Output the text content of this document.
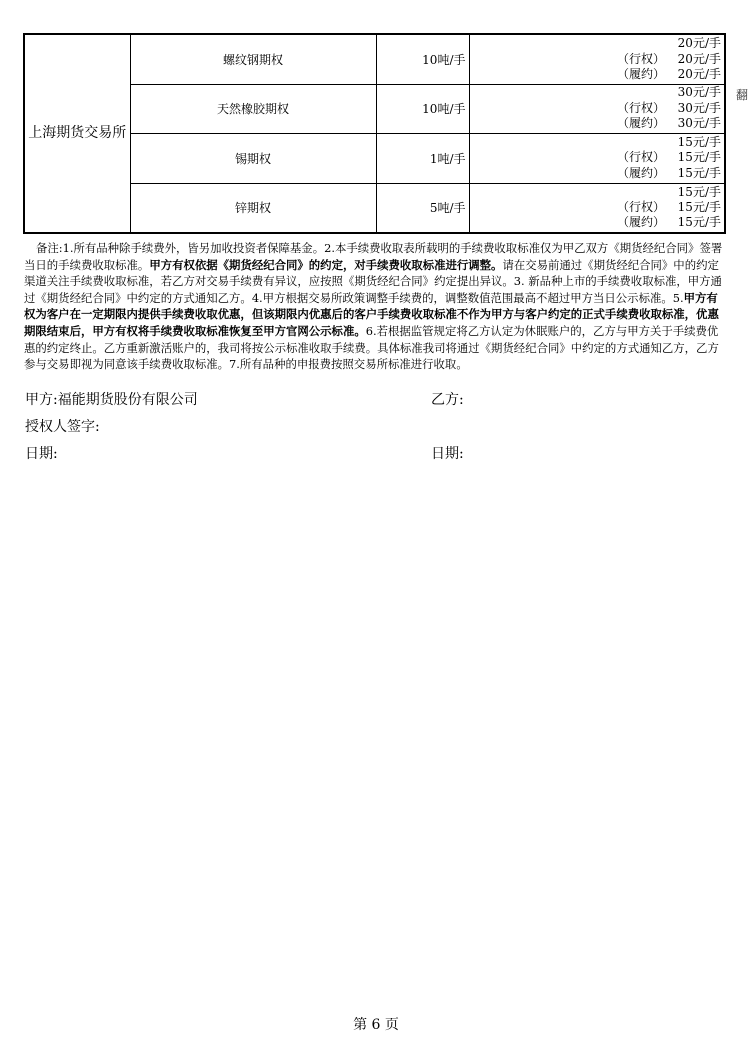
上海期货交易所	螺纹钢期权	10吨/手	20元/手
（行权） 20元/手
（履约） 20元/手

	天然橡胶期权	10吨/手	30元/手
（行权） 30元/手
（履约） 30元/手

	锡期权	1吨/手	15元/手
（行权） 15元/手
（履约） 15元/手

	锌期权	5吨/手	15元/手
（行权） 15元/手
（履约） 15元/手
翻
备注:1.所有品种除手续费外，皆另加收投资者保障基金。2.本手续费收取表所载明的手续费收取标准仅为甲乙双方《期货经纪合同》签署当日的手续费收取标准。甲方有权依据《期货经纪合同》的约定，对手续费收取标准进行调整。请在交易前通过《期货经纪合同》中的约定渠道关注手续费收取标准，若乙方对交易手续费有异议，应按照《期货经纪合同》约定提出异议。3. 新品种上市的手续费收取标准，甲方通过《期货经纪合同》中约定的方式通知乙方。4.甲方根据交易所政策调整手续费的，调整数值范围最高不超过甲方当日公示标准。5.甲方有权为客户在一定期限内提供手续费收取优惠，但该期限内优惠后的客户手续费收取标准不作为甲方与客户约定的正式手续费收取标准，优惠期限结束后，甲方有权将手续费收取标准恢复至甲方官网公示标准。6.若根据监管规定将乙方认定为休眠账户的，乙方与甲方关于手续费优惠的约定终止。乙方重新激活账户的，我司将按公示标准收取手续费。具体标准我司将通过《期货经纪合同》中约定的方式通知乙方，乙方参与交易即视为同意该手续费收取标准。7.所有品种的申报费按照交易所标准进行收取。
甲方:福能期货股份有限公司	乙方:
授权人签字:
日期:	日期:
第 6 页
